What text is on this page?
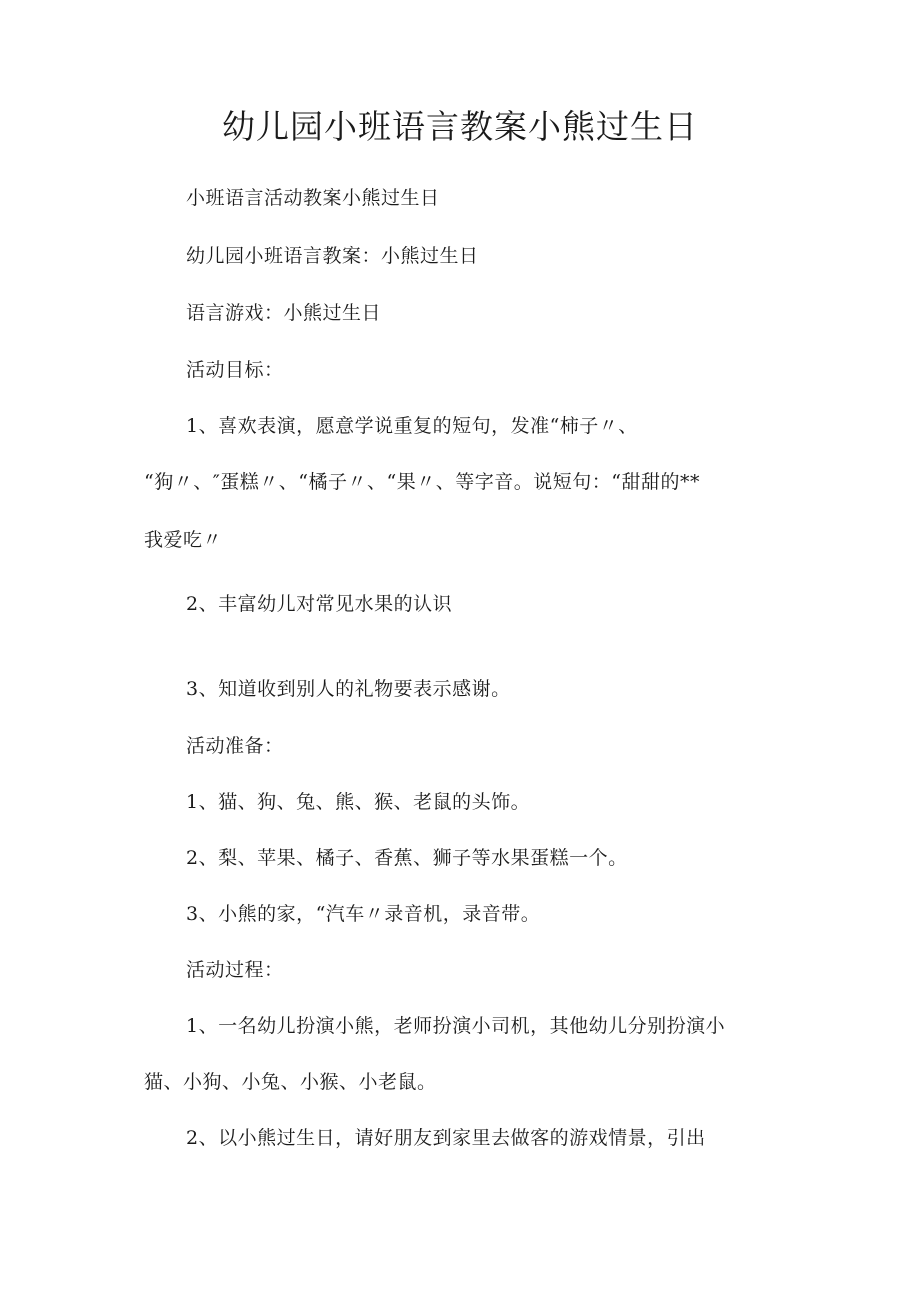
幼儿园小班语言教案小熊过生日

小班语言活动教案小熊过生日

幼儿园小班语言教案：小熊过生日

语言游戏：小熊过生日

活动目标：

1、喜欢表演，愿意学说重复的短句，发准“柿子〃、

“狗〃、″蛋糕〃、“橘子〃、“果〃、等字音。说短句：“甜甜的**

我爱吃〃

2、丰富幼儿对常见水果的认识

3、知道收到别人的礼物要表示感谢。

活动准备：

1、猫、狗、兔、熊、猴、老鼠的头饰。

2、梨、苹果、橘子、香蕉、狮子等水果蛋糕一个。

3、小熊的家，“汽车〃录音机，录音带。

活动过程：

1、一名幼儿扮演小熊，老师扮演小司机，其他幼儿分别扮演小

猫、小狗、小兔、小猴、小老鼠。

2、以小熊过生日，请好朋友到家里去做客的游戏情景，引出
